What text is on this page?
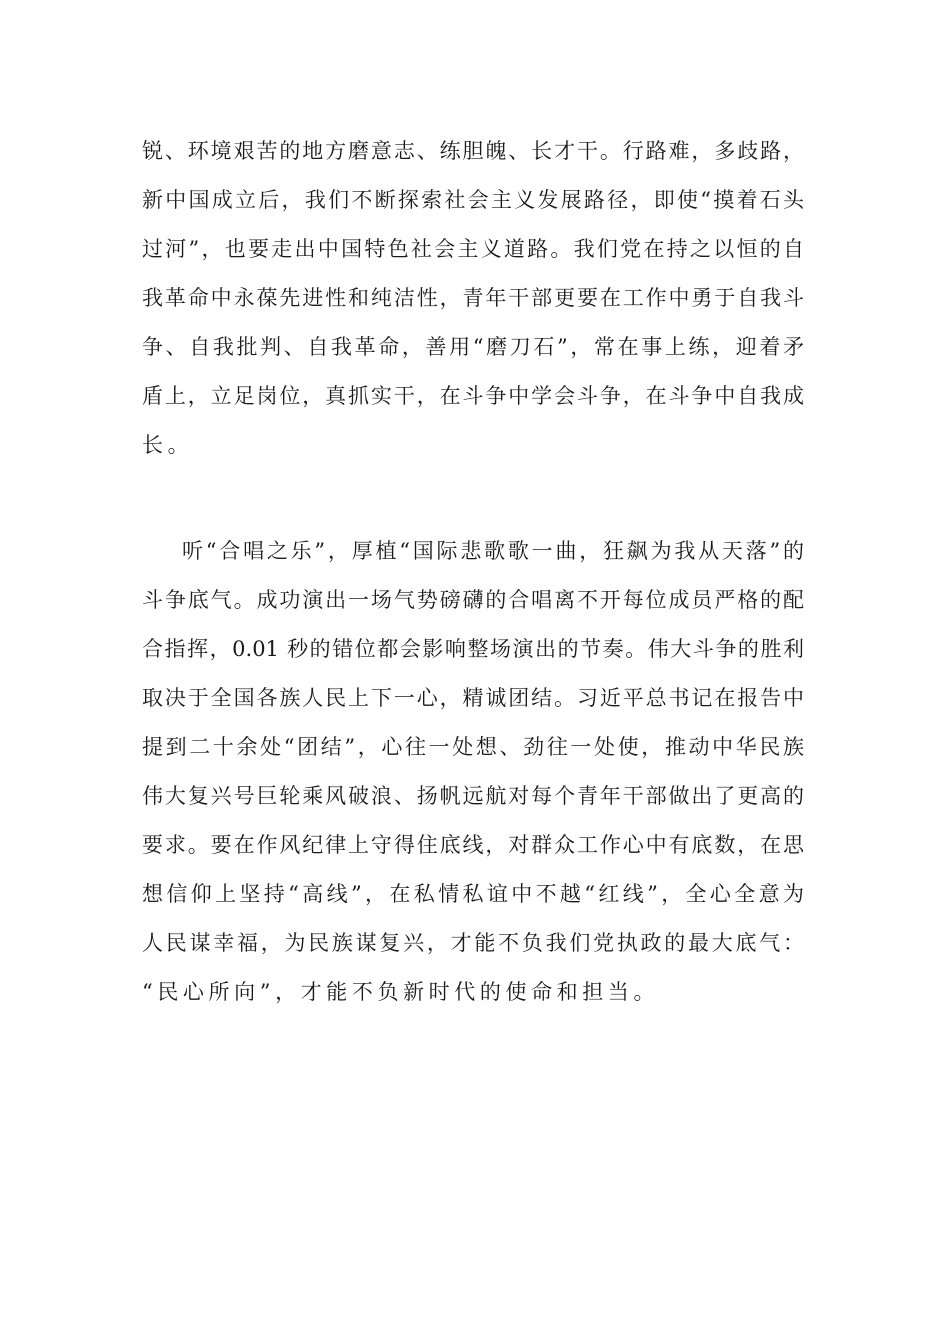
锐、环境艰苦的地方磨意志、练胆魄、长才干。行路难，多歧路，
新中国成立后，我们不断探索社会主义发展路径，即使“摸着石头
过河”，也要走出中国特色社会主义道路。我们党在持之以恒的自
我革命中永葆先进性和纯洁性，青年干部更要在工作中勇于自我斗
争、自我批判、自我革命，善用“磨刀石”，常在事上练，迎着矛
盾上，立足岗位，真抓实干，在斗争中学会斗争，在斗争中自我成
长。
听“合唱之乐”，厚植“国际悲歌歌一曲，狂飙为我从天落”的
斗争底气。成功演出一场气势磅礴的合唱离不开每位成员严格的配
合指挥，0.01 秒的错位都会影响整场演出的节奏。伟大斗争的胜利
取决于全国各族人民上下一心，精诚团结。习近平总书记在报告中
提到二十余处“团结”，心往一处想、劲往一处使，推动中华民族
伟大复兴号巨轮乘风破浪、扬帆远航对每个青年干部做出了更高的
要求。要在作风纪律上守得住底线，对群众工作心中有底数，在思
想信仰上坚持“高线”，在私情私谊中不越“红线”，全心全意为
人民谋幸福，为民族谋复兴，才能不负我们党执政的最大底气：
“民心所向”，才能不负新时代的使命和担当。
